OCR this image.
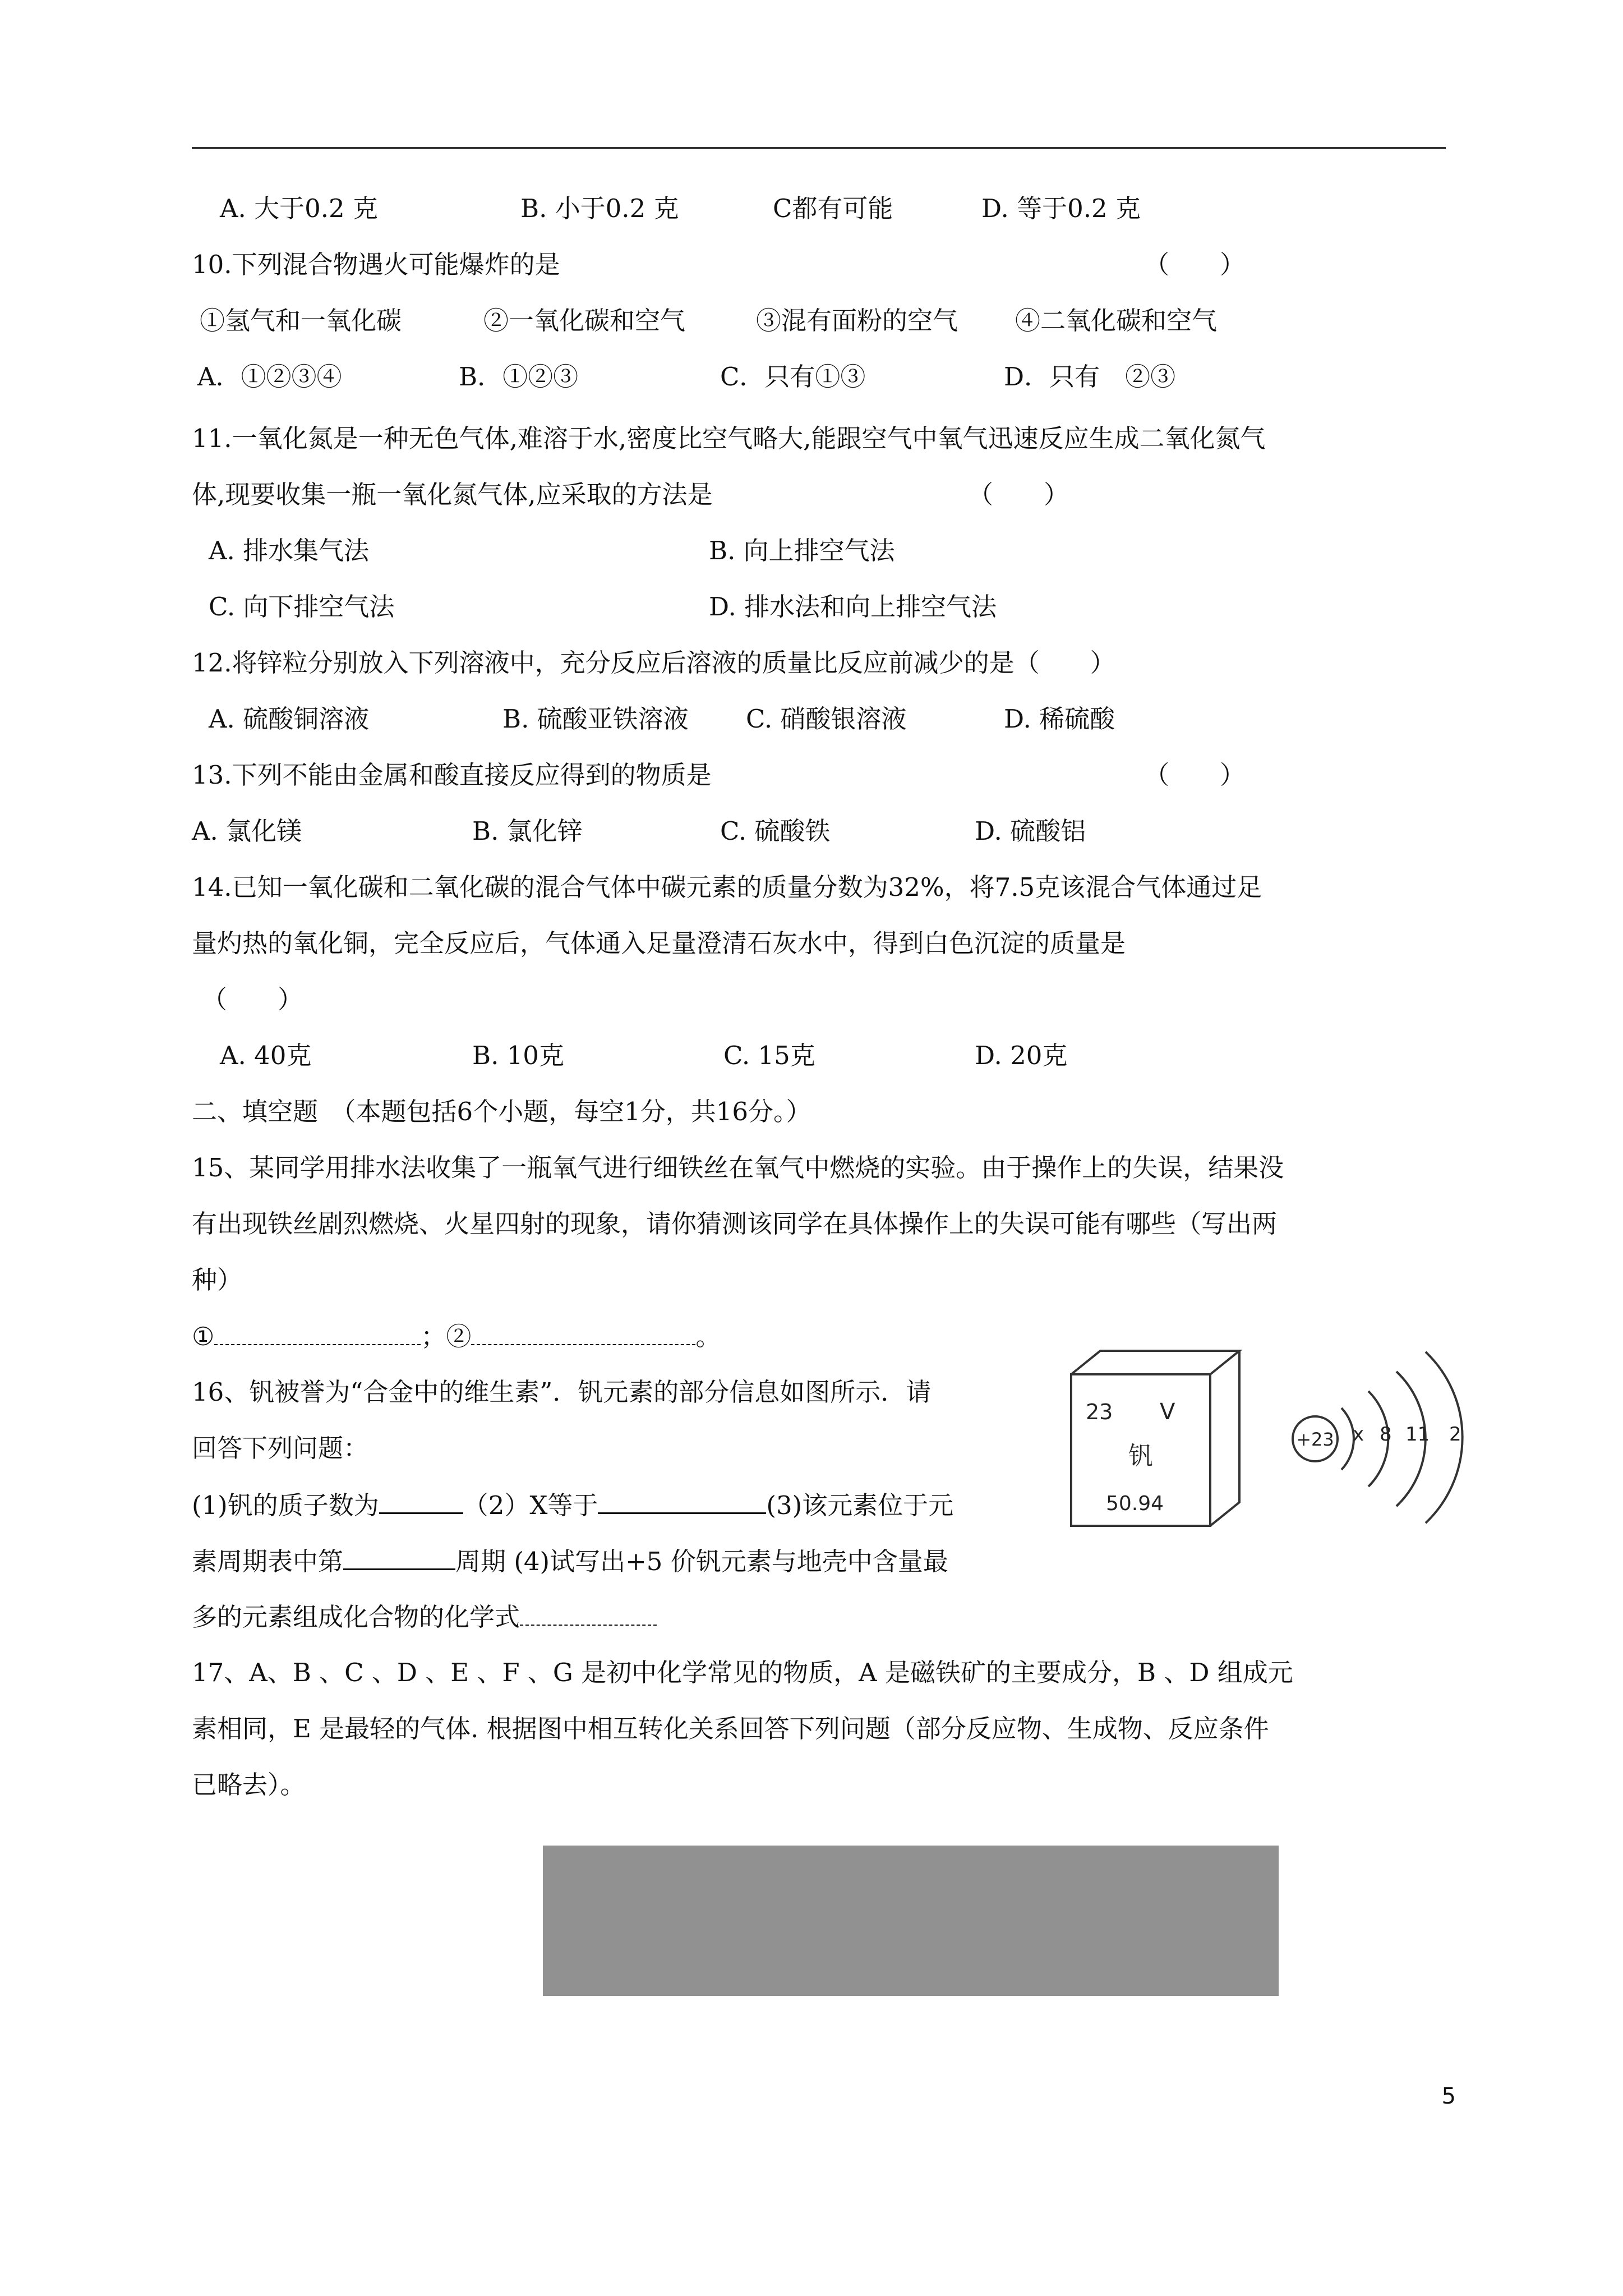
A. 大于0.2 克	B. 小于0.2 克	C都有可能	D. 等于0.2 克
10.下列混合物遇火可能爆炸的是	（　　）
①氢气和一氧化碳	②一氧化碳和空气	③混有面粉的空气 ④二氧化碳和空气
A．①②③④	B．①②③	C．只有①③	D．只有　②③
11.一氧化氮是一种无色气体,难溶于水,密度比空气略大,能跟空气中氧气迅速反应生成二氧化氮气
体,现要收集一瓶一氧化氮气体,应采取的方法是	（　　）
A. 排水集气法	B. 向上排空气法
C. 向下排空气法	D. 排水法和向上排空气法
12.将锌粒分别放入下列溶液中，充分反应后溶液的质量比反应前减少的是（　　）
A. 硫酸铜溶液	B. 硫酸亚铁溶液 C. 硝酸银溶液	D. 稀硫酸
13.下列不能由金属和酸直接反应得到的物质是	（　　）
A. 氯化镁	B. 氯化锌	C. 硫酸铁	D. 硫酸铝
14.已知一氧化碳和二氧化碳的混合气体中碳元素的质量分数为32%，将7.5克该混合气体通过足
量灼热的氧化铜，完全反应后，气体通入足量澄清石灰水中，得到白色沉淀的质量是
（　　）
A. 40克	B. 10克	C. 15克	D. 20克
二、填空题　（本题包括6个小题，每空1分，共16分。）
15、某同学用排水法收集了一瓶氧气进行细铁丝在氧气中燃烧的实验。由于操作上的失误，结果没
有出现铁丝剧烈燃烧、火星四射的现象，请你猜测该同学在具体操作上的失误可能有哪些（写出两
种）
①	；②	。
16、钒被誉为“合金中的维生素”．钒元素的部分信息如图所示．请
回答下列问题：
(1)钒的质子数为	（2）X等于	(3)该元素位于元
素周期表中第	周期 (4)试写出+5 价钒元素与地壳中含量最
多的元素组成化合物的化学式
23 V
钒
50.94
+23 x 8 11 2
17、A、B 、C 、D 、E 、F 、G 是初中化学常见的物质，A 是磁铁矿的主要成分，B 、D 组成元
素相同，E 是最轻的气体. 根据图中相互转化关系回答下列问题（部分反应物、生成物、反应条件
已略去）。
5
